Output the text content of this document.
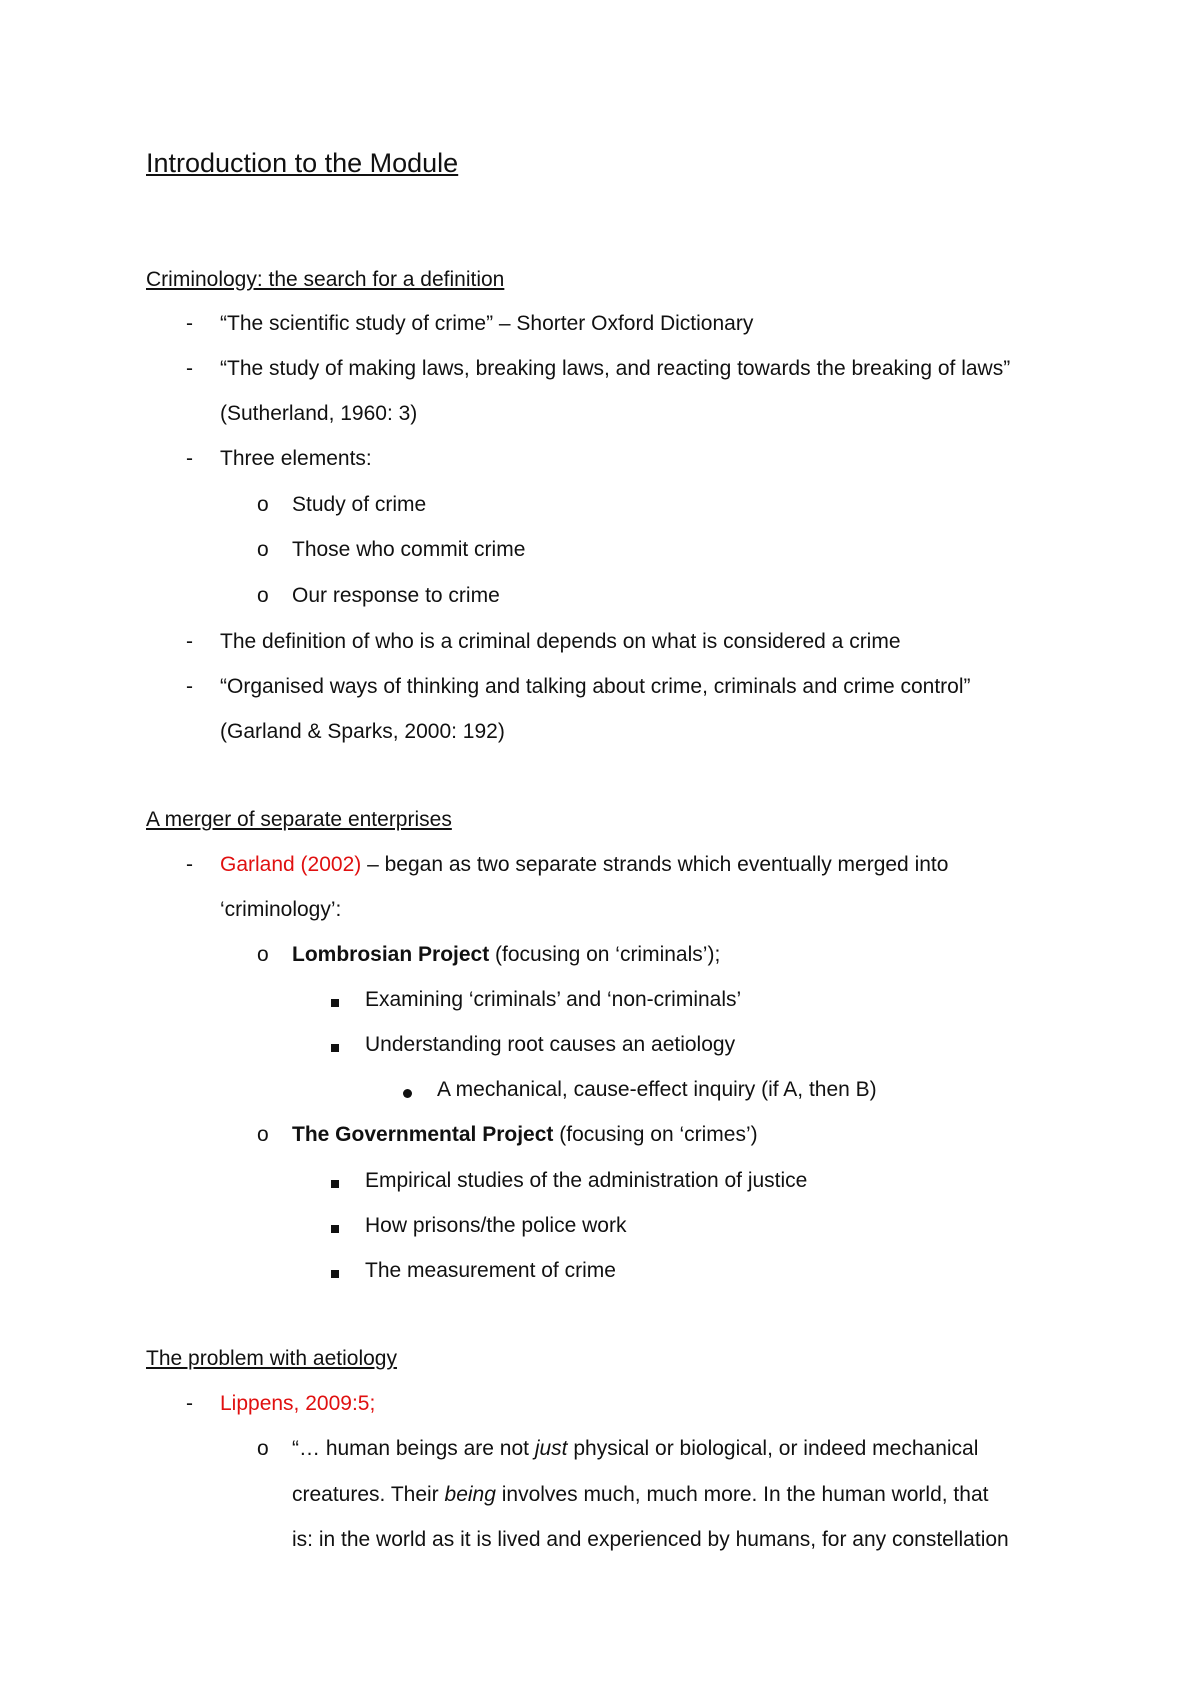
Introduction to the Module
Criminology: the search for a definition
- “The scientific study of crime” – Shorter Oxford Dictionary
- “The study of making laws, breaking laws, and reacting towards the breaking of laws”
(Sutherland, 1960: 3)
- Three elements:
o Study of crime
o Those who commit crime
o Our response to crime
- The definition of who is a criminal depends on what is considered a crime
- “Organised ways of thinking and talking about crime, criminals and crime control”
(Garland & Sparks, 2000: 192)
A merger of separate enterprises
- Garland (2002) – began as two separate strands which eventually merged into
‘criminology’:
o Lombrosian Project (focusing on ‘criminals’);
Examining ‘criminals’ and ‘non-criminals’
Understanding root causes an aetiology
A mechanical, cause-effect inquiry (if A, then B)
o The Governmental Project (focusing on ‘crimes’)
Empirical studies of the administration of justice
How prisons/the police work
The measurement of crime
The problem with aetiology
- Lippens, 2009:5;
o “… human beings are not just physical or biological, or indeed mechanical
creatures. Their being involves much, much more. In the human world, that
is: in the world as it is lived and experienced by humans, for any constellation
